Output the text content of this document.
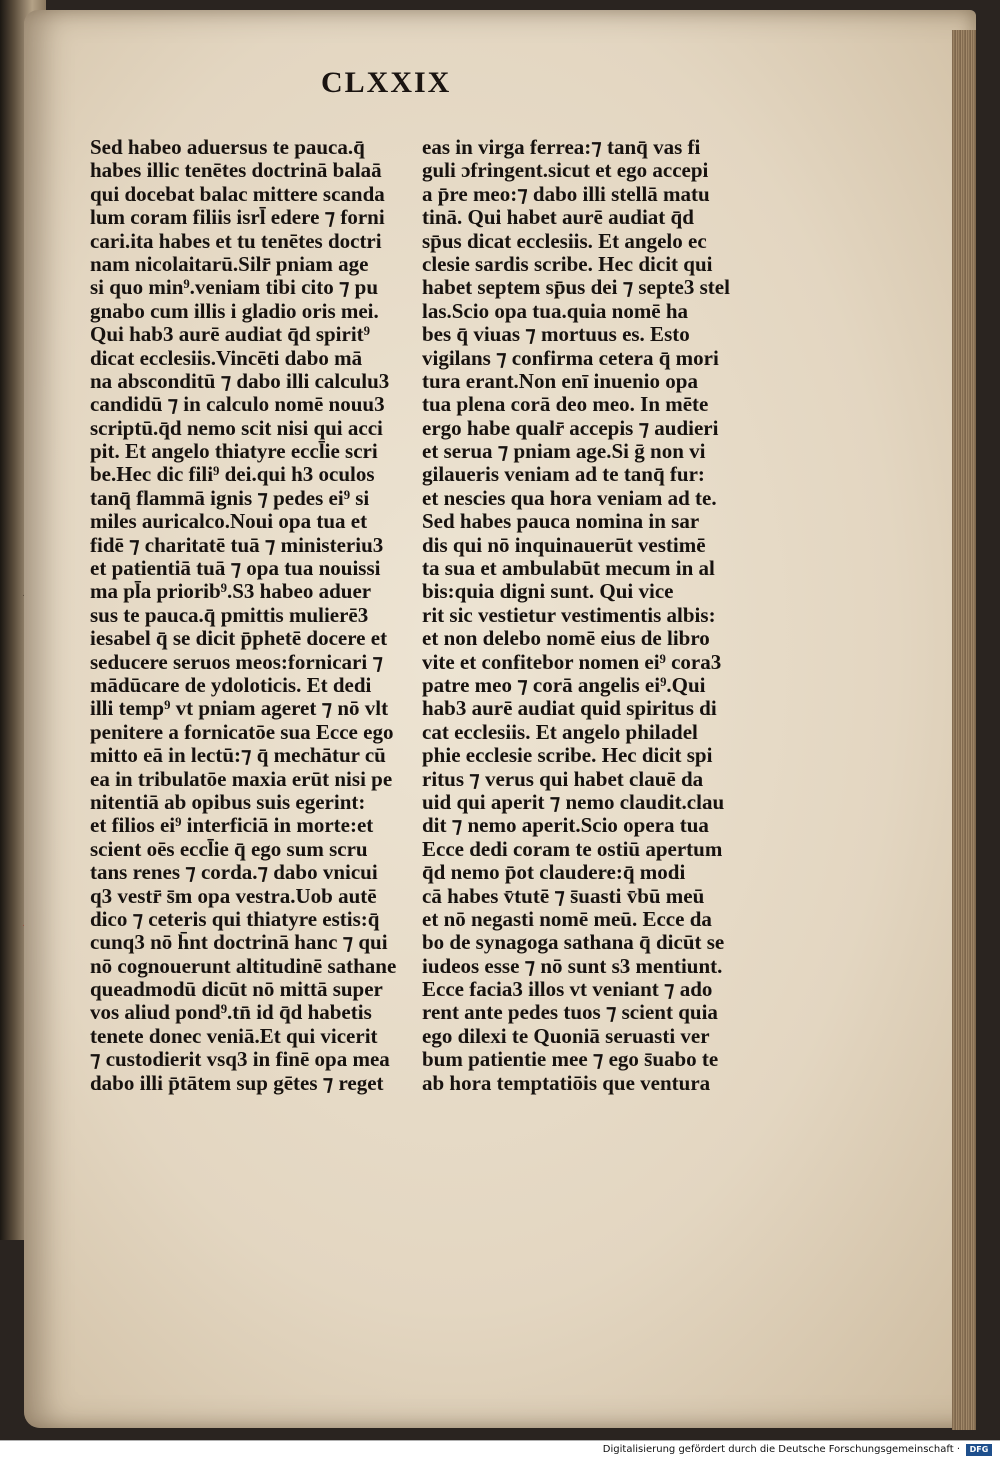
CLXXIX
Sed habeo aduersus te pauca.q̄
habes illic tenētes doctrinā balaā
qui docebat balac mittere scanda
lum coram filiis isrl̄ edere ⁊ forni
cari.ita habes et tu tenētes doctri
nam nicolaitarū.Silr̄ pniam age
si quo min⁹.veniam tibi cito ⁊ pu
gnabo cum illis i gladio oris mei.
Qui hab3 aurē audiat q̄d spirit⁹
dicat ecclesiis.Vincēti dabo mā
na absconditū ⁊ dabo illi calculu3
candidū ⁊ in calculo nomē nouu3
scriptū.q̄d nemo scit nisi qui acci
pit. Et angelo thiatyre eccl̄ie scri
be.Hec dic fili⁹ dei.qui h3 oculos
tanq̄ flammā ignis ⁊ pedes ei⁹ si
miles auricalco.Noui opa tua et
fidē ⁊ charitatē tuā ⁊ ministeriu3
et patientiā tuā ⁊ opa tua nouissi
ma pl̄a priorib⁹.S3 habeo aduer
sus te pauca.q̄ pmittis mulierē3
iesabel q̄ se dicit p̄phetē docere et
seducere seruos meos:fornicari ⁊
mādūcare de ydoloticis. Et dedi
illi temp⁹ vt pniam ageret ⁊ nō vlt
penitere a fornicatōe sua Ecce ego
mitto eā in lectū:⁊ q̄ mechātur cū
ea in tribulatōe maxia erūt nisi pe
nitentiā ab opibus suis egerint:
et filios ei⁹ interficiā in morte:et
scient oēs eccl̄ie q̄ ego sum scru
tans renes ⁊ corda.⁊ dabo vnicui
q3 vestr̄ s̄m opa vestra.Uob autē
dico ⁊ ceteris qui thiatyre estis:q̄
cunq3 nō h̄nt doctrinā hanc ⁊ qui
nō cognouerunt altitudinē sathane
queadmodū dicūt nō mittā super
vos aliud pond⁹.tn̄ id q̄d habetis
tenete donec veniā.Et qui vicerit
⁊ custodierit vsq3 in finē opa mea
dabo illi p̄tātem sup gētes ⁊ reget
eas in virga ferrea:⁊ tanq̄ vas fi
guli ɔfringent.sicut et ego accepi
a p̄re meo:⁊ dabo illi stellā matu
tinā. Qui habet aurē audiat q̄d
sp̄us dicat ecclesiis. Et angelo ec
clesie sardis scribe. Hec dicit qui
habet septem sp̄us dei ⁊ septe3 stel
las.Scio opa tua.quia nomē ha
bes q̄ viuas ⁊ mortuus es. Esto
vigilans ⁊ confirma cetera q̄ mori
tura erant.Non enī inuenio opa
tua plena corā deo meo. In mēte
ergo habe qualr̄ accepis ⁊ audieri
et serua ⁊ pniam age.Si ḡ non vi
gilaueris veniam ad te tanq̄ fur:
et nescies qua hora veniam ad te.
Sed habes pauca nomina in sar
dis qui nō inquinauerūt vestimē
ta sua et ambulabūt mecum in al
bis:quia digni sunt. Qui vice
rit sic vestietur vestimentis albis:
et non delebo nomē eius de libro
vite et confitebor nomen ei⁹ cora3
patre meo ⁊ corā angelis ei⁹.Qui
hab3 aurē audiat quid spiritus di
cat ecclesiis. Et angelo philadel
phie ecclesie scribe. Hec dicit spi
ritus ⁊ verus qui habet clauē da
uid qui aperit ⁊ nemo claudit.clau
dit ⁊ nemo aperit.Scio opera tua
Ecce dedi coram te ostiū apertum
q̄d nemo p̄ot claudere:q̄ modi
cā habes v̄tutē ⁊ s̄uasti v̄bū meū
et nō negasti nomē meū. Ecce da
bo de synagoga sathana q̄ dicūt se
iudeos esse ⁊ nō sunt s3 mentiunt.
Ecce facia3 illos vt veniant ⁊ ado
rent ante pedes tuos ⁊ scient quia
ego dilexi te Quoniā seruasti ver
bum patientie mee ⁊ ego s̄uabo te
ab hora temptatiōis que ventura
Digitalisierung gefördert durch die Deutsche Forschungsgemeinschaft ·	DFG
